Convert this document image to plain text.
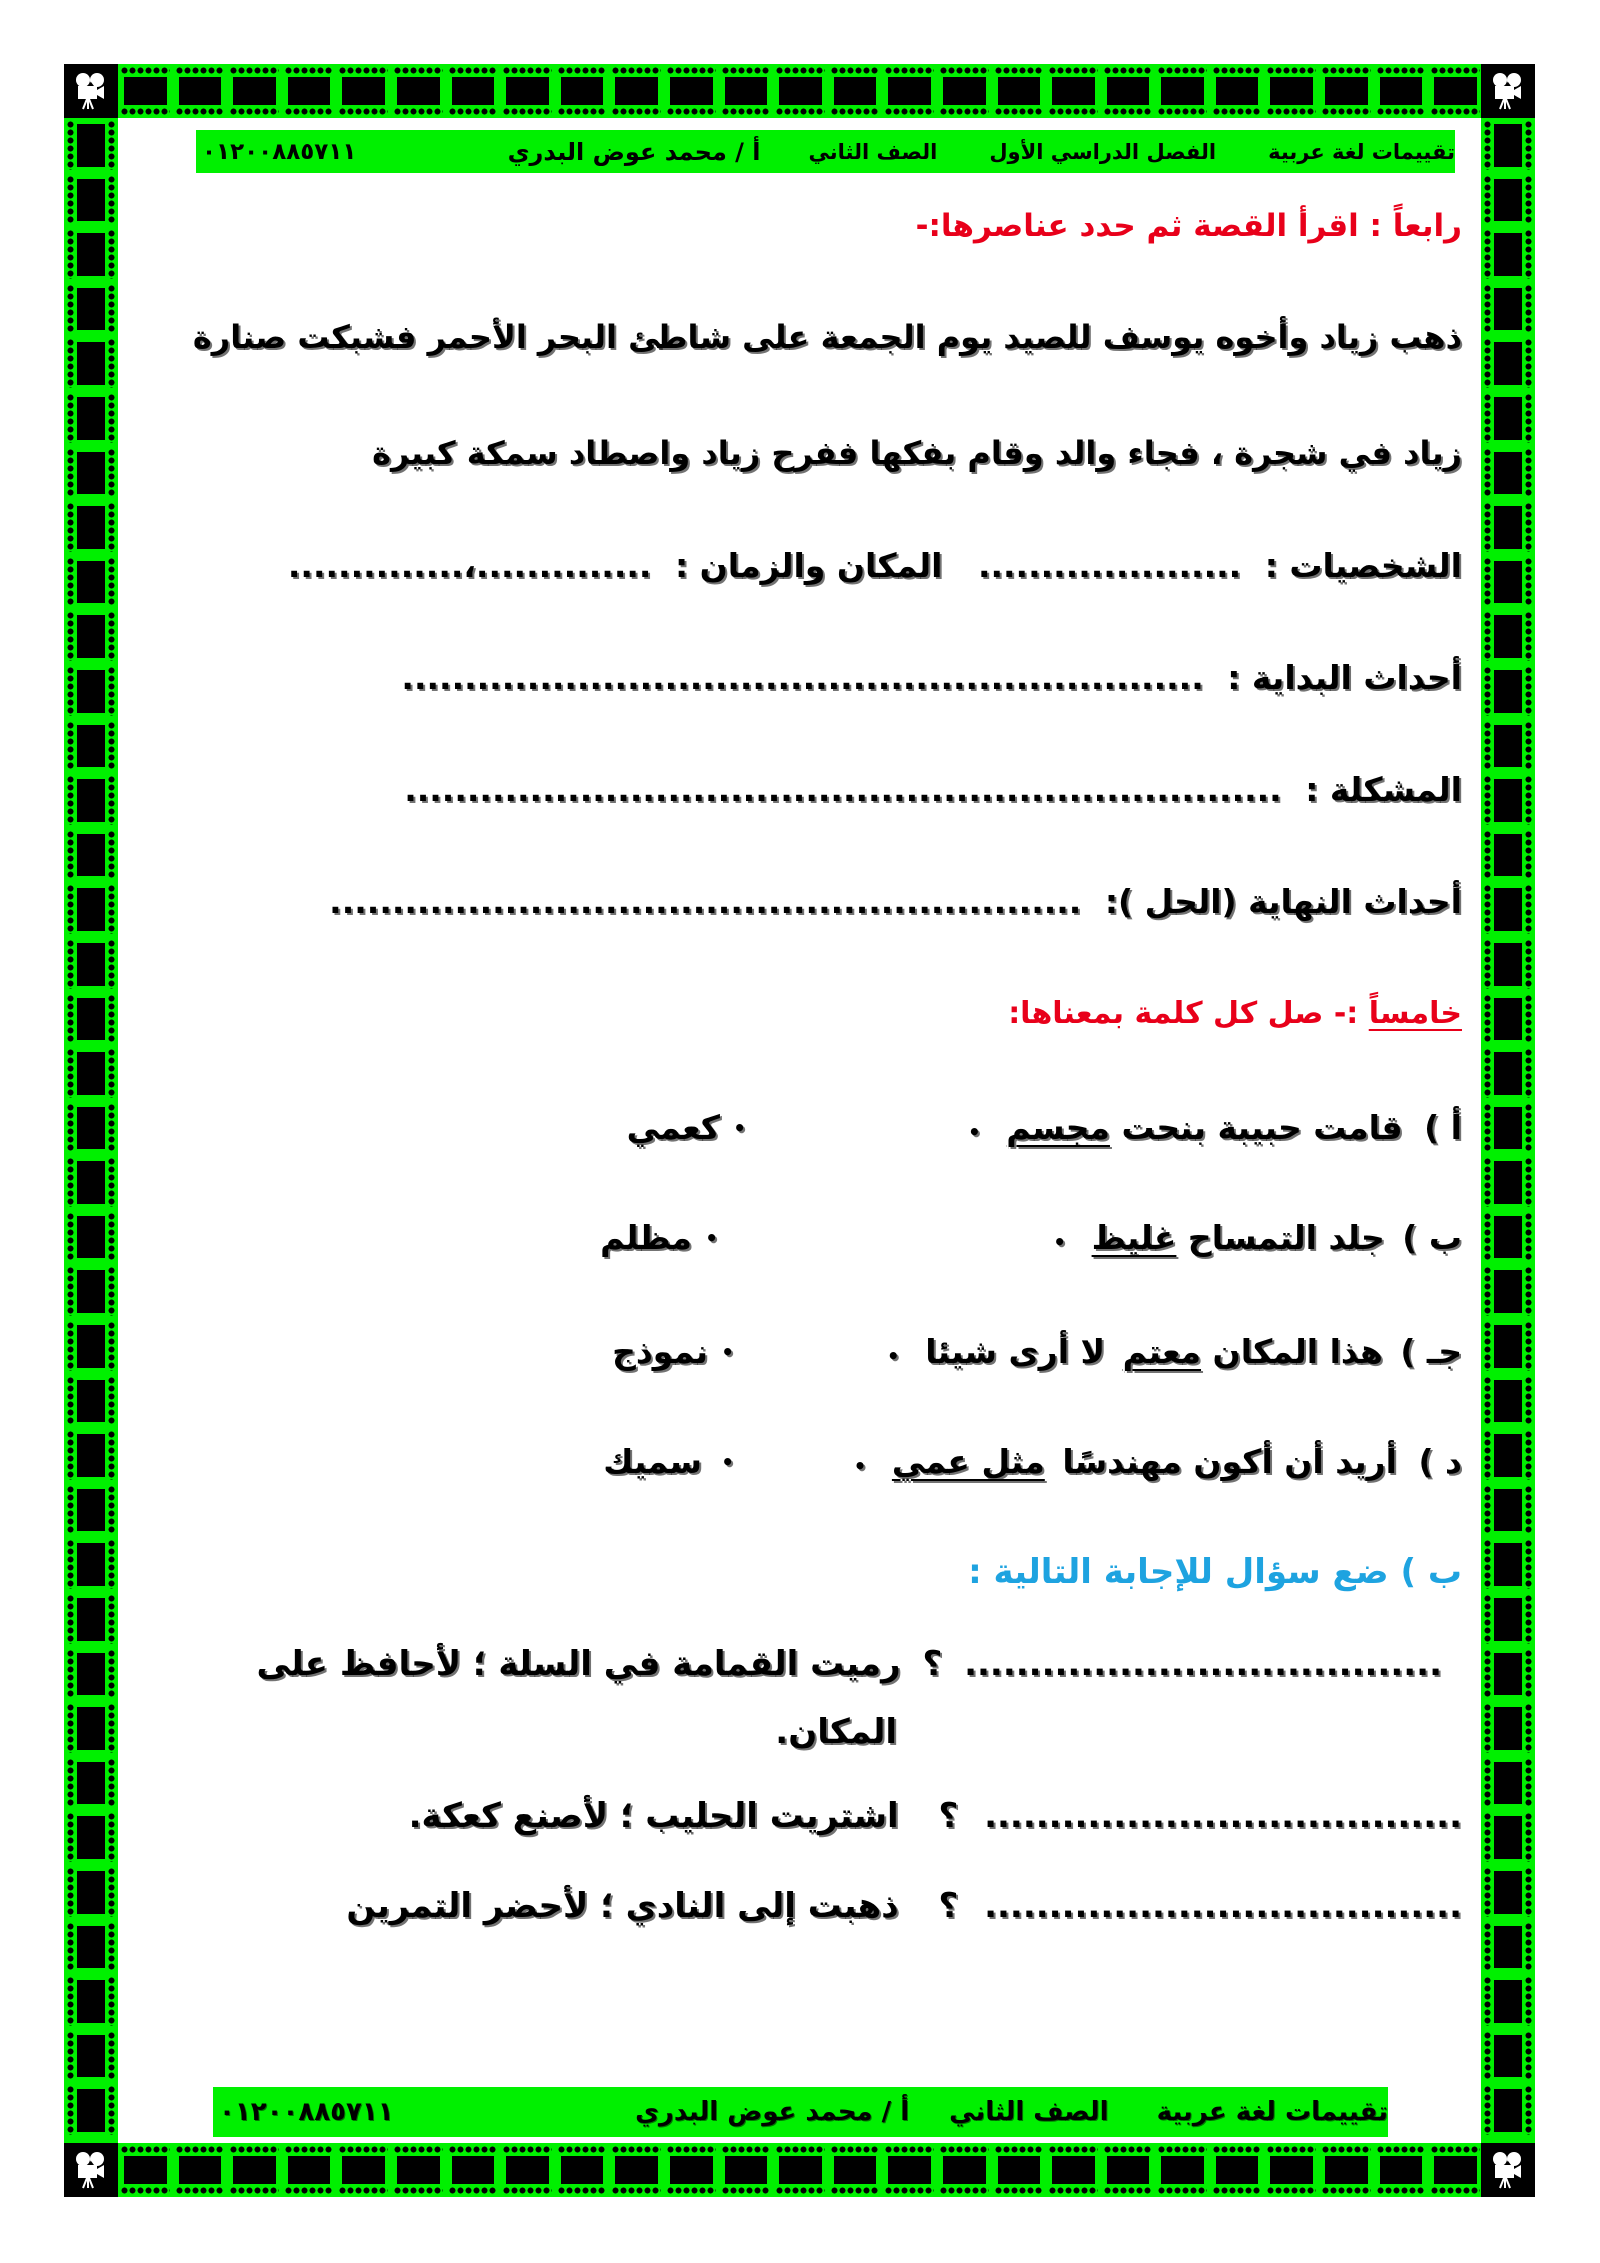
تقييمات لغة عربية
الفصل الدراسي الأول
الصف الثاني
أ / محمد عوض البدري
٠١٢٠٠٨٨٥٧١١
رابعاً : اقرأ القصة ثم حدد عناصرها:-
ذهب زياد وأخوه يوسف للصيد يوم الجمعة على شاطئ البحر الأحمر فشبكت صنارة
زياد في شجرة ، فجاء والد وقام بفكها ففرح زياد واصطاد سمكة كبيرة
الشخصيات : ..................... المكان والزمان : ..............،..............
أحداث البداية : ................................................................
المشكلة : ......................................................................
أحداث النهاية (الحل ): ............................................................
خامساً :- صل كل كلمة بمعناها:
أ ) قامت حبيبة بنحت مجسم •
•
كعمي
ب ) جلد التمساح غليظ •
•
مظلم
جـ ) هذا المكان معتم لا أرى شيئا •
•
نموذج
د ) أريد أن أكون مهندسًا مثل عمي •
•
سميك
ب ) ضع سؤال للإجابة التالية :
..................................... ؟ رميت القمامة في السلة ؛ لأحافظ على
المكان.
..................................... ؟ اشتريت الحليب ؛ لأصنع كعكة.
..................................... ؟ ذهبت إلى النادي ؛ لأحضر التمرين
تقييمات لغة عربية
الصف الثاني
أ / محمد عوض البدري
٠١٢٠٠٨٨٥٧١١
